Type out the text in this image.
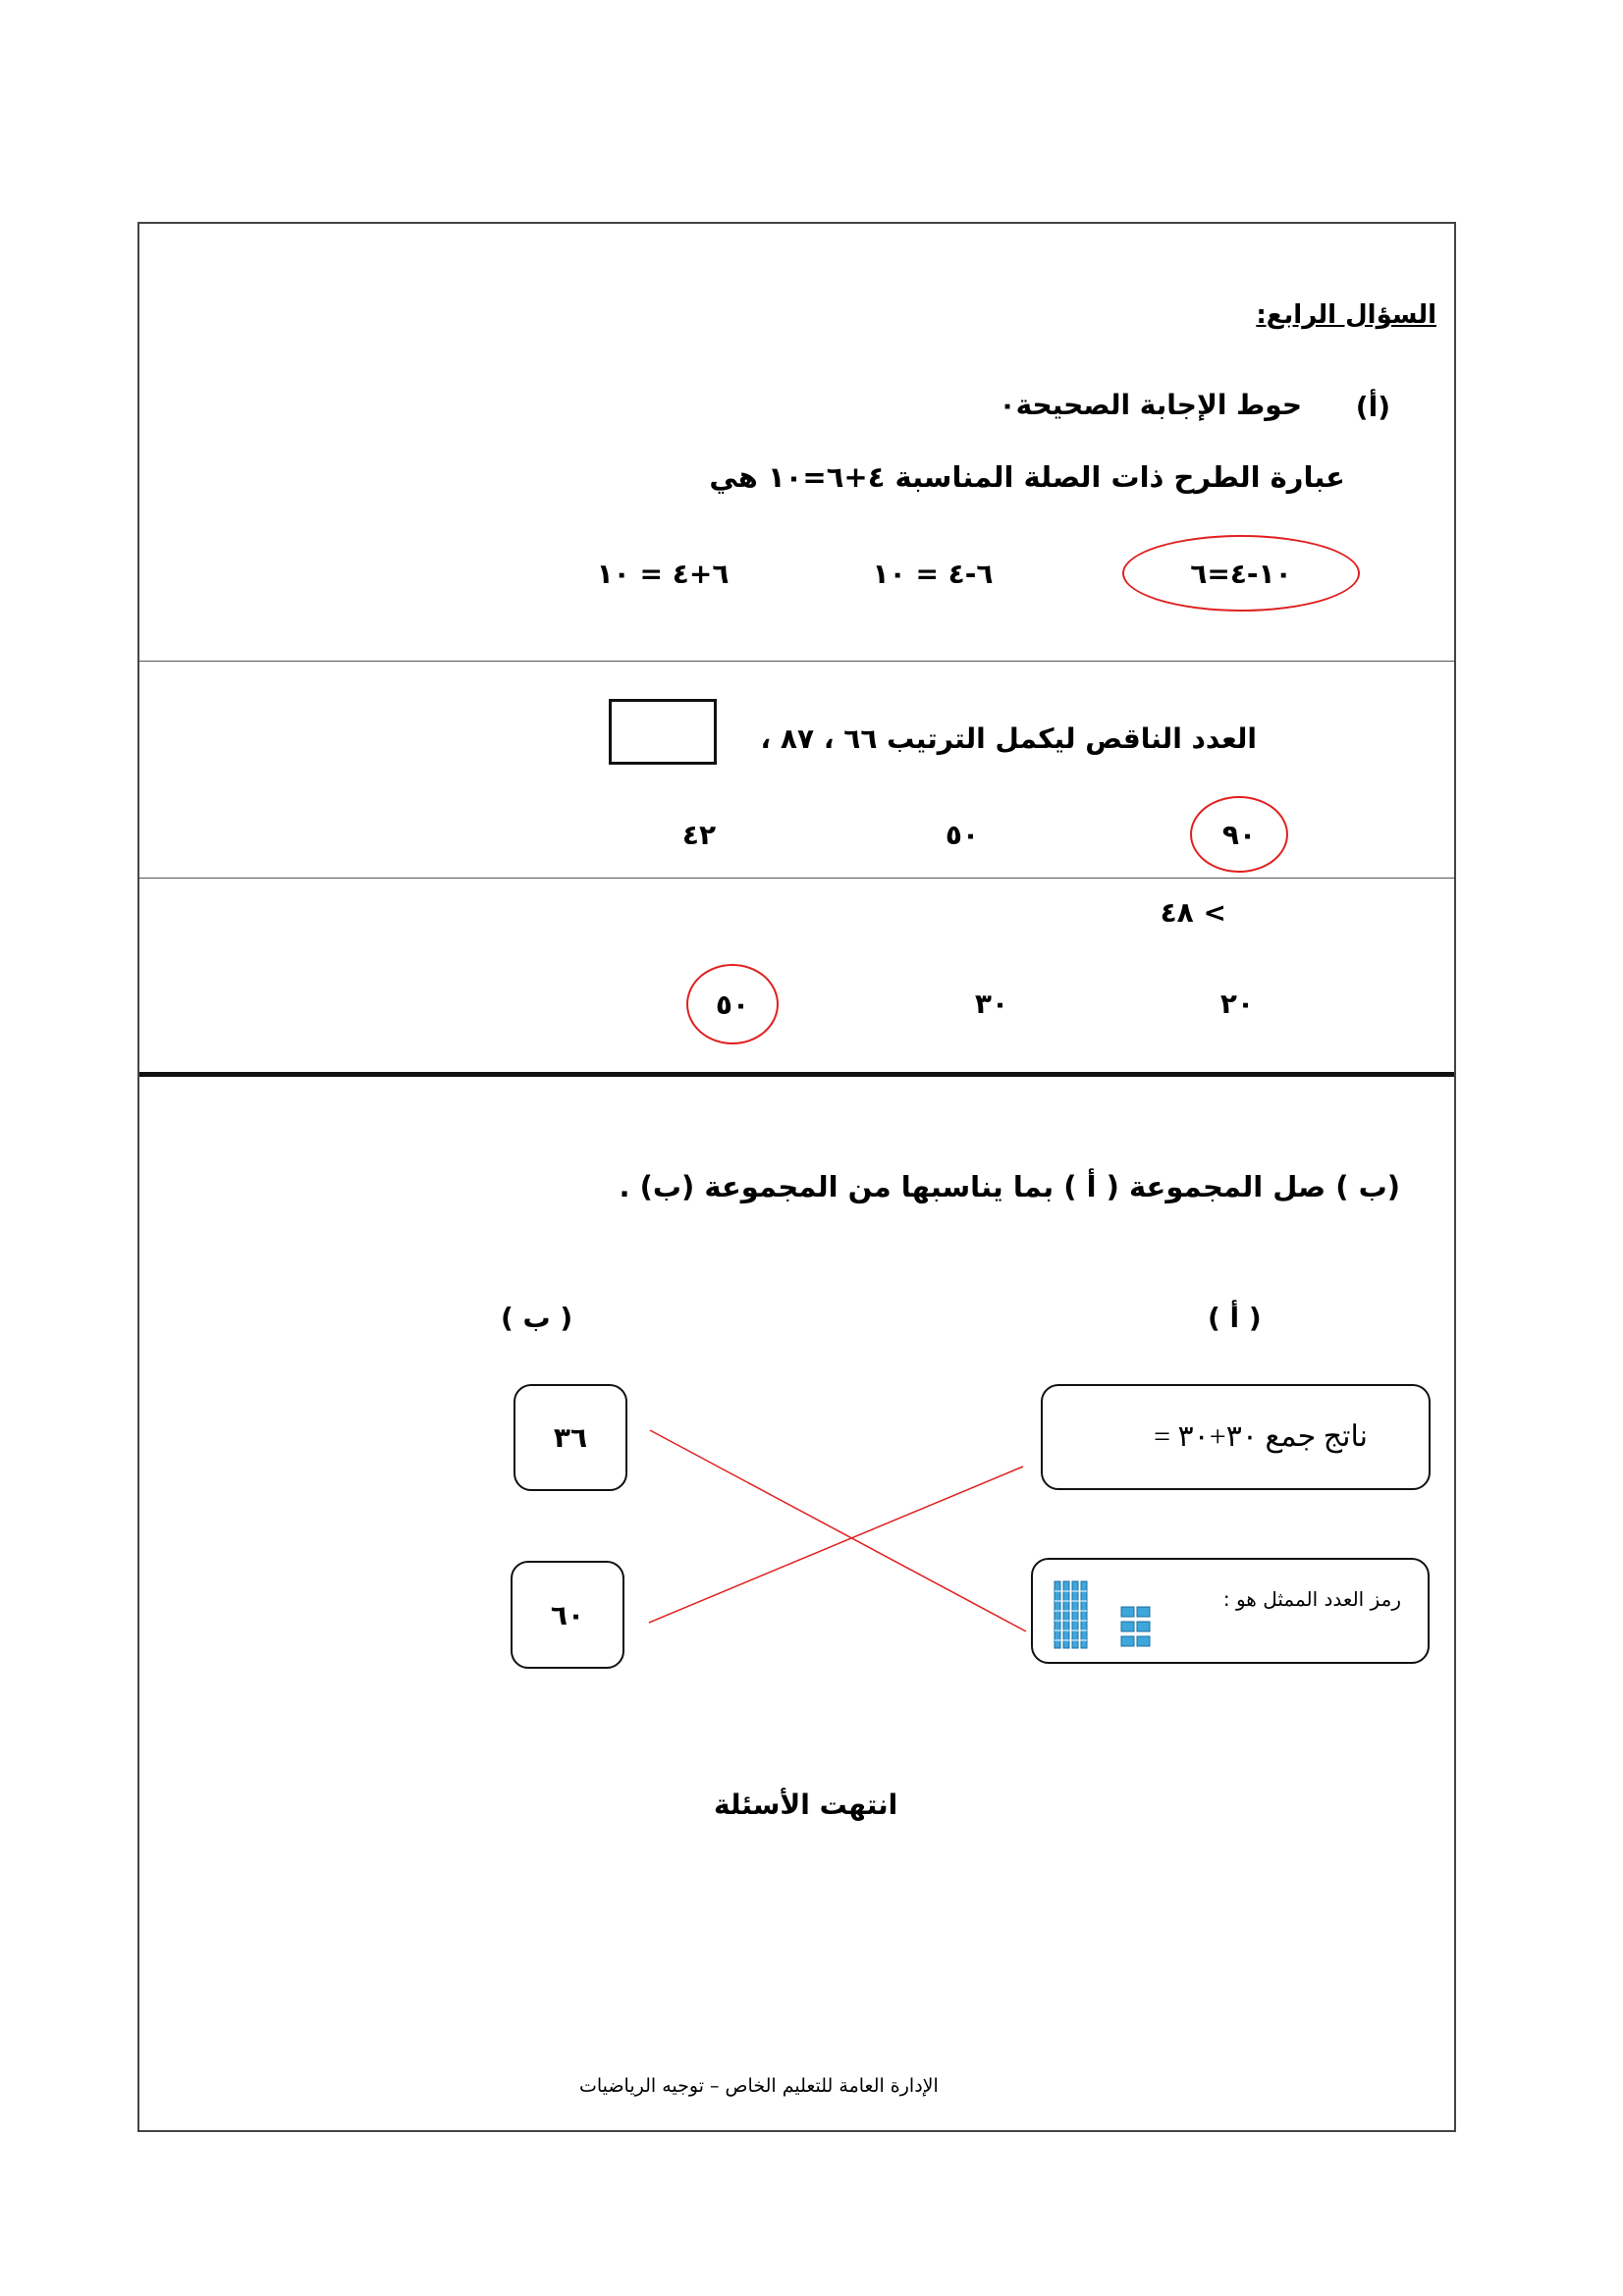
السؤال الرابع:
(أ)
حوط الإجابة الصحيحة٠
عبارة الطرح ذات الصلة المناسبة ٤+٦=١٠ هي
١٠-٤=٦
٦-٤ = ١٠
٦+٤ = ١٠
العدد الناقص ليكمل الترتيب ٦٦ ، ٨٧ ،
٩٠
٥٠
٤٢
٤٨ <
٥٠	٣٠	٢٠
(ب ) صل المجموعة ( أ ) بما يناسبها من المجموعة (ب) .
( أ )
( ب )
ناتج جمع ٣٠+٣٠ =
رمز العدد الممثل هو :
٣٦
٦٠
انتهت الأسئلة
الإدارة العامة للتعليم الخاص – توجيه الرياضيات
